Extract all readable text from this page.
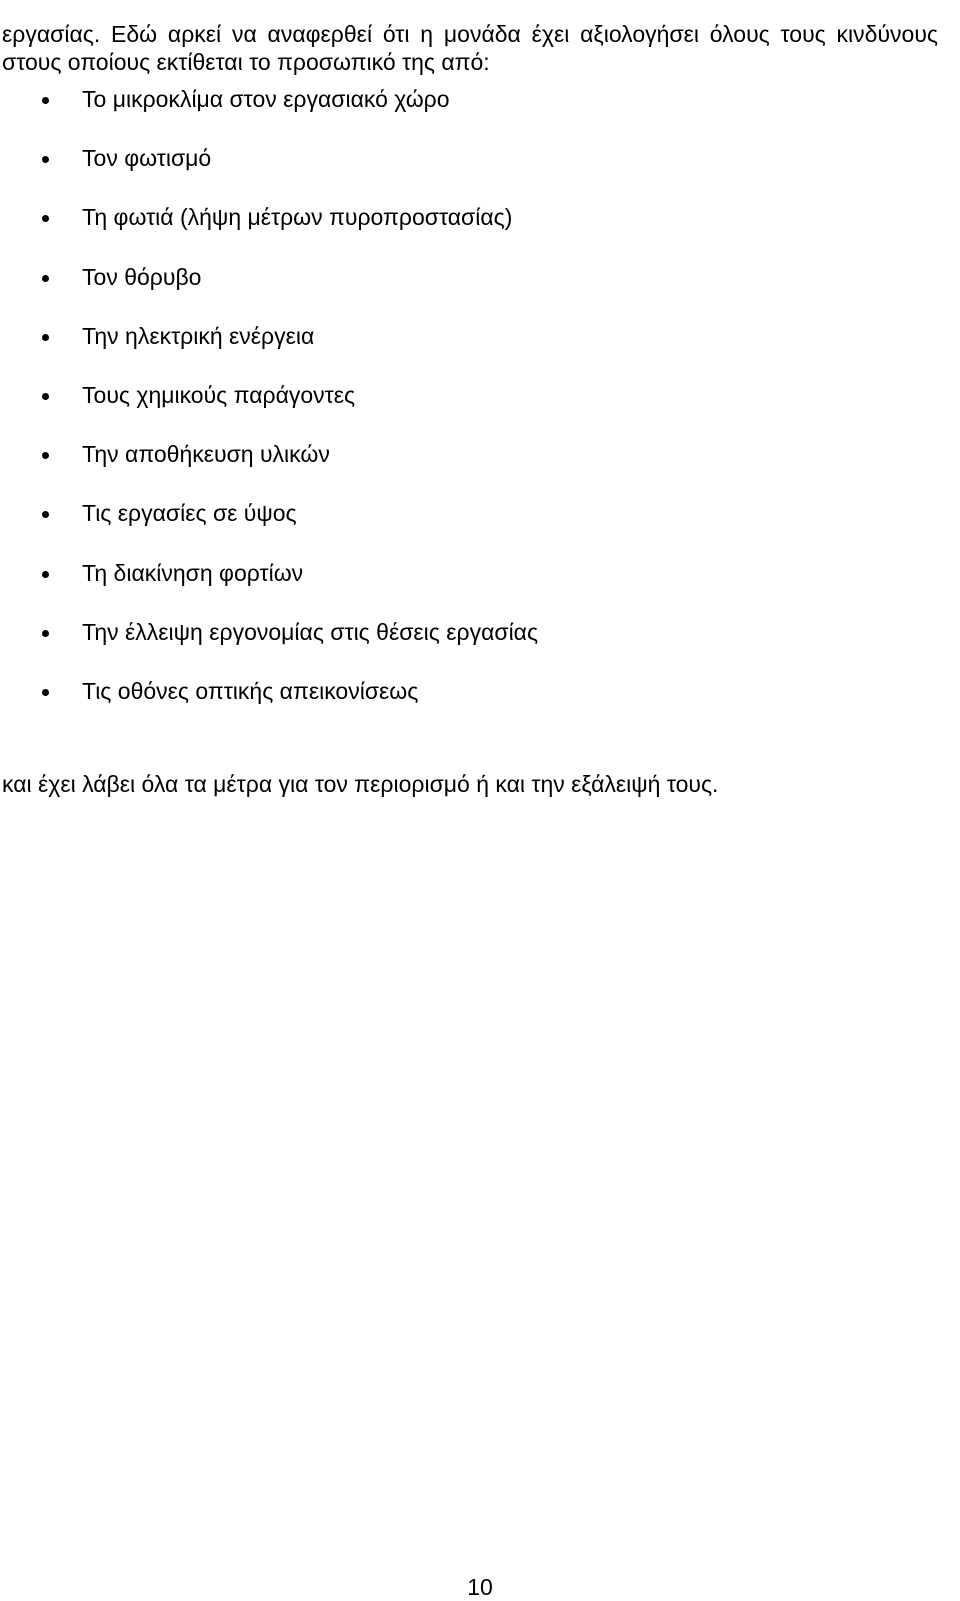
εργασίας. Εδώ αρκεί να αναφερθεί ότι η μονάδα έχει αξιολογήσει όλους τους κινδύνους στους οποίους εκτίθεται το προσωπικό της από:

Το μικροκλίμα στον εργασιακό χώρο
Τον φωτισμό
Τη φωτιά (λήψη μέτρων πυροπροστασίας)
Τον θόρυβο
Την ηλεκτρική ενέργεια
Τους χημικούς παράγοντες
Την αποθήκευση υλικών
Τις εργασίες σε ύψος
Τη διακίνηση φορτίων
Την έλλειψη εργονομίας στις θέσεις εργασίας
Τις οθόνες οπτικής απεικονίσεως

και έχει λάβει όλα τα μέτρα για τον περιορισμό ή και την εξάλειψή τους.

10
